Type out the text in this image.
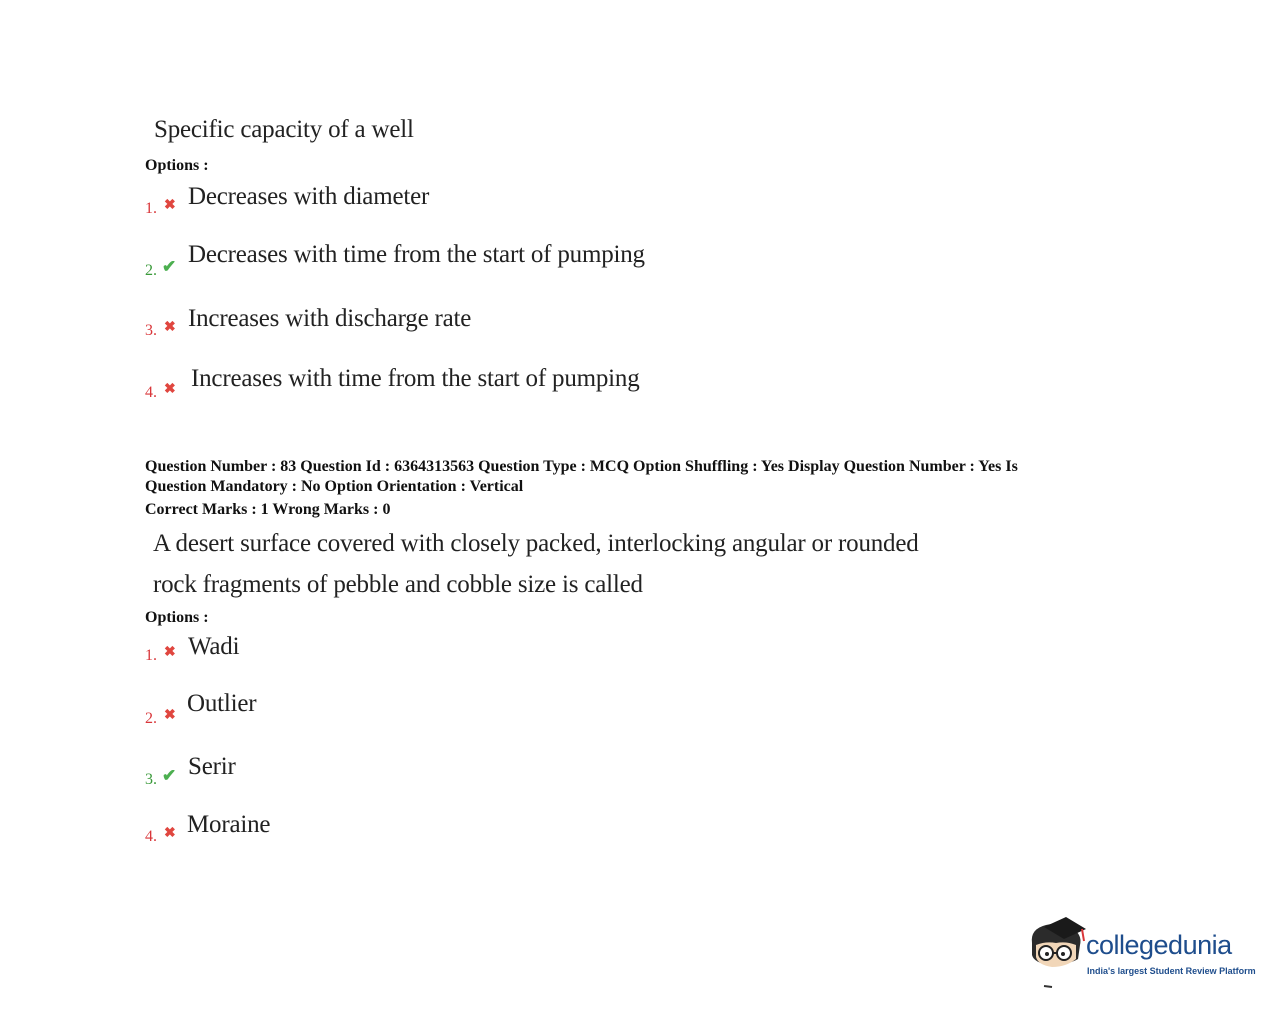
Specific capacity of a well
Options :
1. ✖ Decreases with diameter
2. ✔ Decreases with time from the start of pumping
3. ✖ Increases with discharge rate
4. ✖ Increases with time from the start of pumping
Question Number : 83 Question Id : 6364313563 Question Type : MCQ Option Shuffling : Yes Display Question Number : Yes Is
Question Mandatory : No Option Orientation : Vertical
Correct Marks : 1 Wrong Marks : 0
A desert surface covered with closely packed, interlocking angular or rounded
rock fragments of pebble and cobble size is called
Options :
1. ✖ Wadi
2. ✖ Outlier
3. ✔ Serir
4. ✖ Moraine
collegedunia
India's largest Student Review Platform
